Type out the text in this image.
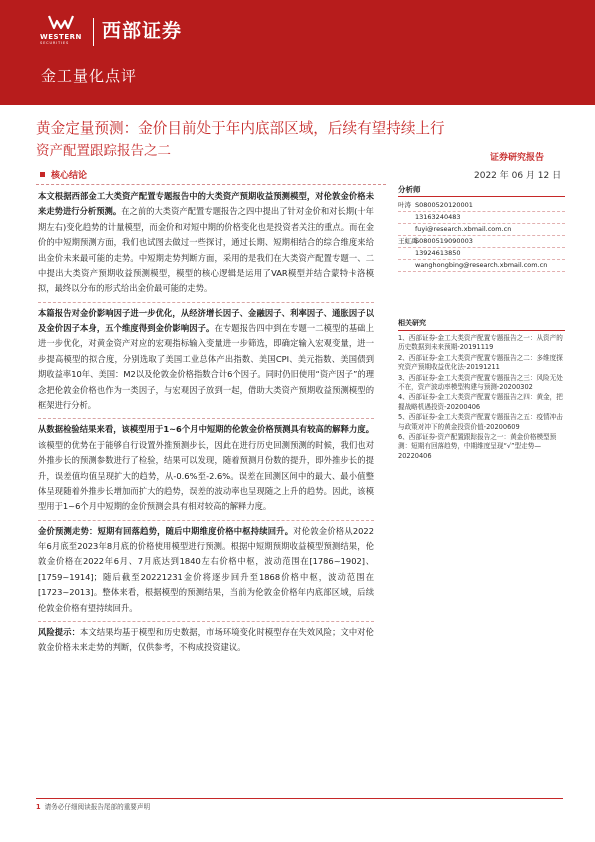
WESTERN
SECURITIES
西部证券
金工量化点评
黄金定量预测：金价目前处于年内底部区域，后续有望持续上行
资产配置跟踪报告之二	证券研究报告
2022 年 06 月 12 日
核心结论

本文根据西部金工大类资产配置专题报告中的大类资产预期收益预测模型，对伦敦金价格未来走势进行分析预测。在之前的大类资产配置专题报告之四中提出了针对金价和对长期(十年期左右)变化趋势的计量模型，而金价和对短中期的价格变化也是投资者关注的重点。而在金价的中短期预测方面，我们也试图去做过一些探讨，通过长期、短期相结合的综合维度来给出金价未来最可能的走势。中短期走势判断方面，采用的是我们在大类资产配置专题一、二中提出大类资产预期收益预测模型，模型的核心逻辑是运用了VAR模型并结合蒙特卡洛模拟，最终以分布的形式给出金价最可能的走势。

本篇报告对金价影响因子进一步优化，从经济增长因子、金融因子、利率因子、通胀因子以及金价因子本身，五个维度得到金价影响因子。在专题报告四中到在专题一二模型的基础上进一步优化，对黄金资产对应的宏观指标输入变量进一步筛选，即确定输入宏观变量，进一步提高模型的拟合度，分别选取了美国工业总体产出指数、美国CPI、美元指数、美国债到期收益率10年、美国：M2以及伦敦金价格指数合计6个因子。同时仍旧使用“资产因子”的理念把伦敦金价格也作为一类因子，与宏观因子放到一起，借助大类资产预期收益预测模型的框架进行分析。

从数据检验结果来看，该模型用于1~6个月中短期的伦敦金价格预测具有较高的解释力度。该模型的优势在于能够自行设置外推预测步长，因此在进行历史回测预测的时候，我们也对外推步长的预测参数进行了检验，结果可以发现，随着预测月份数的提升，即外推步长的提升，误差值均值呈现扩大的趋势，从-0.6%至-2.6%。误差在回测区间中的最大、最小值整体呈现随着外推步长增加而扩大的趋势，误差的波动率也呈现随之上升的趋势。因此，该模型用于1~6个月中短期的金价预测会具有相对较高的解释力度。

金价预测走势：短期有回落趋势，随后中期维度价格中枢持续回升。对伦敦金价格从2022年6月底至2023年8月底的价格使用模型进行预测。根据中短期预期收益模型预测结果，伦敦金价格在2022年6月、7月底达到1840左右价格中枢，波动范围在[1786~1902]、[1759~1914]；随后截至20221231金价将逐步回升至1868价格中枢，波动范围在[1723~2013]。整体来看，根据模型的预测结果，当前为伦敦金价格年内底部区域，后续伦敦金价格有望持续回升。

风险提示：本文结果均基于模型和历史数据，市场环境变化时模型存在失效风险；文中对伦敦金价格未来走势的判断，仅供参考，不构成投资建议。

分析师
叶涛 S0800520120001
13163240483
fuyi@research.xbmail.com.cn
王虹禹
S0800519090003
13924613850
wanghongbing@research.xbmail.com.cn
相关研究
1、西部证券-金工大类资产配置专题报告之一：从资产的历史数据到未来预期-20191119
2、西部证券-金工大类资产配置专题报告之二：多维度探究资产预期收益优化法-20191211
3、西部证券-金工大类资产配置专题报告之三：风险无处不在，资产波动率模型构建与预测-20200302
4、西部证券-金工大类资产配置专题报告之四：黄金，把握战略机遇投资-20200406
5、西部证券-金工大类资产配置专题报告之五：疫情冲击与政策对冲下的黄金投资价值-20200609
6、西部证券-资产配置跟踪报告之一：黄金价格模型预测：短期有回落趋势，中期维度呈现“√”型走势—20220406
1 请务必仔细阅读报告尾部的重要声明
